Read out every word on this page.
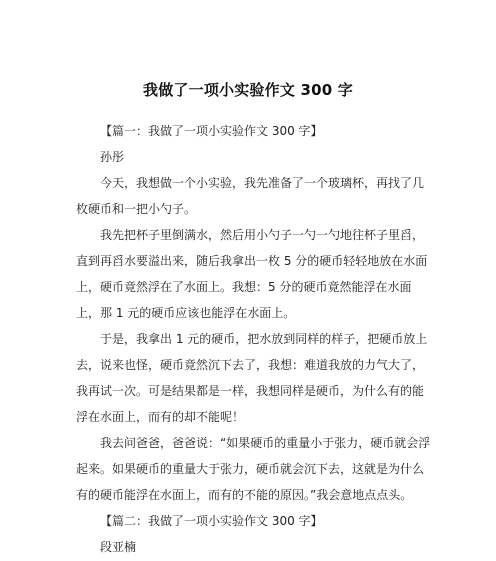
我做了一项小实验作文 300 字
【篇一：我做了一项小实验作文 300 字】
孙彤
今天，我想做一个小实验，我先准备了一个玻璃杯，再找了几
枚硬币和一把小勺子。
我先把杯子里倒满水，然后用小勺子一勺一勺地往杯子里舀，
直到再舀水要溢出来，随后我拿出一枚 5 分的硬币轻轻地放在水面
上，硬币竟然浮在了水面上。我想：5 分的硬币竟然能浮在水面
上，那 1 元的硬币应该也能浮在水面上。
于是，我拿出 1 元的硬币，把水放到同样的样子，把硬币放上
去，说来也怪，硬币竟然沉下去了，我想：难道我放的力气大了，
我再试一次。可是结果都是一样，我想同样是硬币，为什么有的能
浮在水面上，而有的却不能呢！
我去问爸爸，爸爸说：“如果硬币的重量小于张力，硬币就会浮
起来。如果硬币的重量大于张力，硬币就会沉下去，这就是为什么
有的硬币能浮在水面上，而有的不能的原因。”我会意地点点头。
【篇二：我做了一项小实验作文 300 字】
段亚楠
